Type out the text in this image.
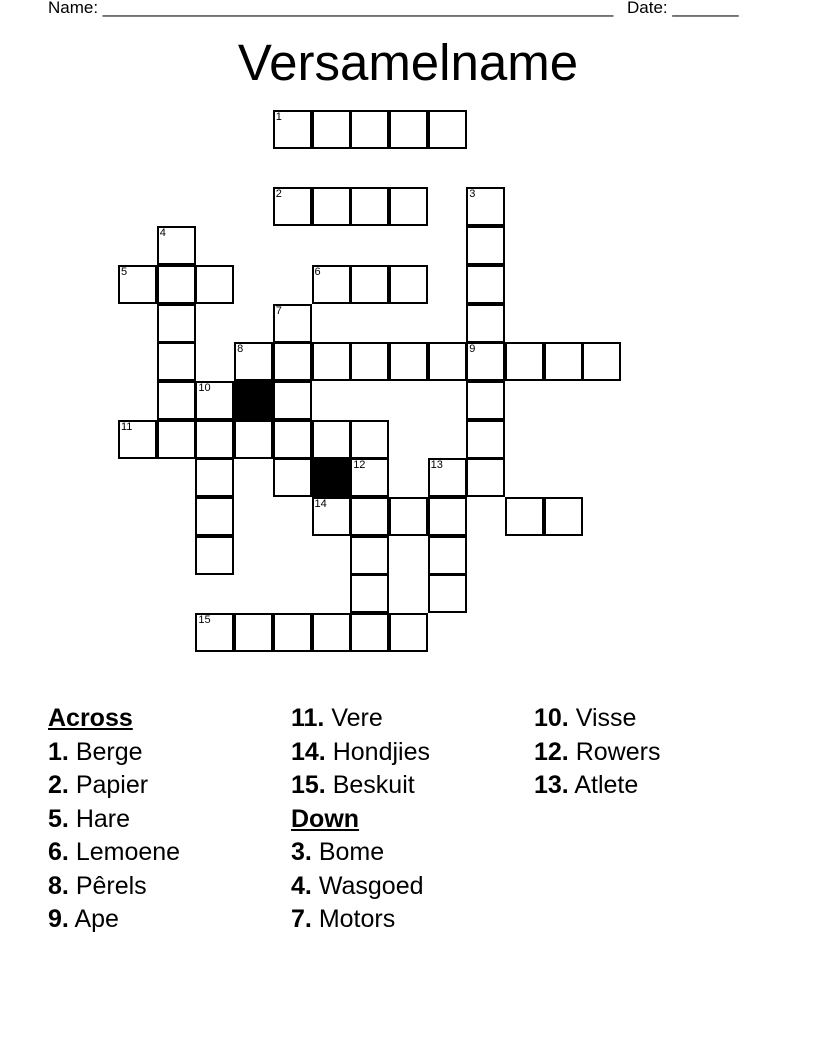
Name: ______________________________________________________ Date: _______
Versamelname
1
2	3
9
4
5	6
7
8
10
11
12	13
14
15
Across
1. Berge
2. Papier
5. Hare
6. Lemoene
8. Pêrels
9. Ape
11. Vere
14. Hondjies
15. Beskuit
Down
3. Bome
4. Wasgoed
7. Motors
10. Visse
12. Rowers
13. Atlete
